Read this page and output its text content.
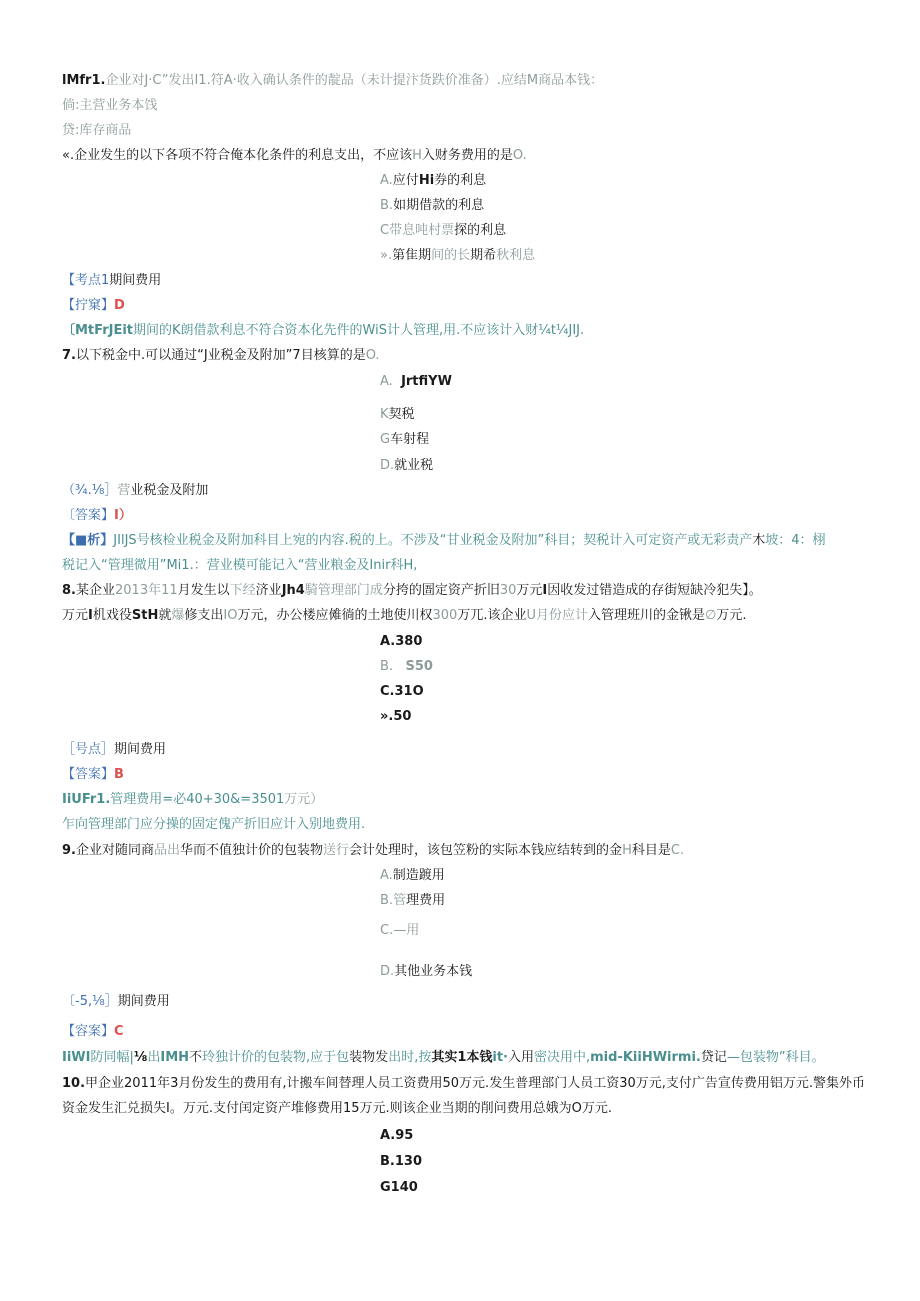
lMfr1.企业对J·C”发出I1.符A·收入确认条件的靛品（未计提汴货跌价准备）.应结M商品本钱：
倘:主营业务本饯
贷:库存商品
«.企业发生的以下各项不符合俺本化条件的利息支出，不应该H入财务费用的是O.
A.应付Hi券的利息
B.如期借款的利息
C带息吨村票探的利息
».第隹期间的长期希秋利息
【考点1期间费用
【拧窠】D
〔MtFrJEit期间的K朗借款利息不符合资本化先件的WiS计人管理,用.不应该计入财¼t¼JIJ.
7.以下税金中.可以通过“J业税金及附加”7目核算的是O.
A. JrtfiYW
K契税
G车射程
D.就业税
（¾.⅛］营业税金及附加
〔答案】I）
【■析】JIlJS号核检业税金及附加科目上宛的内容.税的上。不涉及“甘业税金及附加”科目；契税计入可定资产或无彩责产木坡：4：栩
税记入“管理微用”Mi1.：营业模可能记入“营业粮金及Inir科H,
8.某企业2013年11月发生以下经济业Jh4騎管理部门成分挎的圄定资产折旧30万元I因收发过错造成的存街短缺冷犯失】。
万元I机戏役StH就爆修支出IO万元，办公楼应傩徜的土地使川权300万兀.该企业U月份应计入管理班川的金锹是∅万元.
A.380
B. S50
C.31O
».50
［号点］期间费用
【答案】B
IiUFr1.管理费用=必40+30&=3501万元）
乍向管理部门应分操的固定傀产折旧应计入别地费用.
9.企业对随同商品出华而不值独计价的包装物送行会计处理时，该包笠粉的实际本钱应结转到的金H科目是C.
A.制造踱用
B.管理费用
C.—用
D.其他业务本钱
〔-5,⅛］期间费用
【容案】C
IiWI防同幅|⅛出IMH不玲独计价的包装物,应于包装物发出时,按其实1本钱it·入用密决用中,mid-KiiHWirmi.贷记—包装物”科目。
10.甲企业2011年3月份发生的费用有,计搬车间替理人员工资费用50万元.发生普理部门人员工资30万元,支付广告宣传费用铝万元.警集外币
资金发生汇兑损失I。万元.支付闰定资产堆修费用15万元.则该企业当期的削问费用总娥为O万元.
A.95
B.130
G140
